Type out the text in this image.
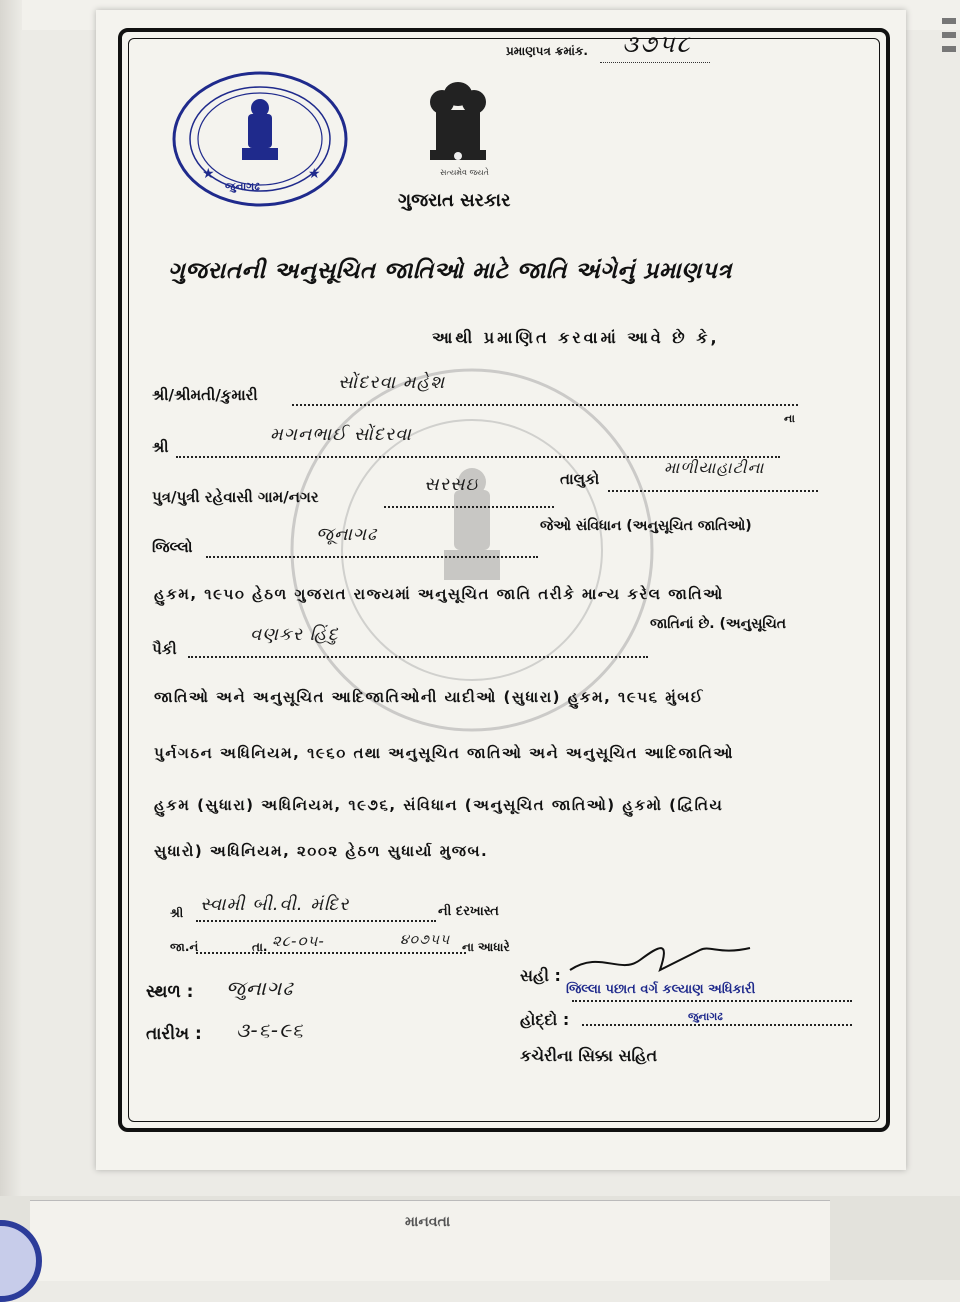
પ્રમાણપત્ર ક્રમાંક. ૩૭૫૮
★	★
જુનાગઢ
સત્યમેવ જયતે
ગુજરાત સરકાર
ગુજરાતની અનુસૂચિત જાતિઓ માટે જાતિ અંગેનું પ્રમાણપત્ર
આથી પ્રમાણિત કરવામાં આવે છે કે,
શ્રી/શ્રીમતી/કુમારી
સોંદરવા મહેશ
શ્રી
મગનભાઈ સોંદરવા
ના
પુત્ર/પુત્રી રહેવાસી ગામ/નગર
સરસઇ	તાલુકો
માળીયાહાટીના
જિલ્લો
જૂનાગઢ	જેઓ સંવિધાન (અનુસૂચિત જાતિઓ)
હુકમ, ૧૯૫૦ હેઠળ ગુજરાત રાજ્યમાં અનુસૂચિત જાતિ તરીકે માન્ય કરેલ જાતિઓ
પૈકી
વણકર હિંદુ	જાતિનાં છે. (અનુસૂચિત
જાતિઓ અને અનુસૂચિત આદિજાતિઓની યાદીઓ (સુધારા) હુકમ, ૧૯૫૬ મુંબઈ
પુર્નગઠન અધિનિયમ, ૧૯૬૦ તથા અનુસૂચિત જાતિઓ અને અનુસૂચિત આદિજાતિઓ
હુકમ (સુધારા) અધિનિયમ, ૧૯૭૬, સંવિધાન (અનુસૂચિત જાતિઓ) હુકમો (દ્વિતિય
સુધારો) અધિનિયમ, ૨૦૦૨ હેઠળ સુધાર્યા મુજબ.
શ્રી સ્વામી બી.વી. મંદિર	ની દરખાસ્ત
જા.નં	તા. ૨૮-૦૫-	૪૦૭૫૫ ના આધારે
સ્થળ : જુનાગઢ
તારીખ : ૩-૬-૯૬
સહી :
જિલ્લા પછાત વર્ગ કલ્યાણ અધિકારી
હોદ્દો :	જુનાગઢ
કચેરીના સિક્કા સહિત
માનવતા
